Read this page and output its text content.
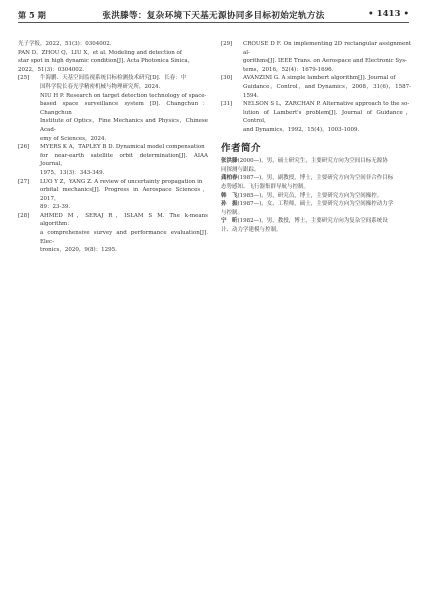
第 5 期	张洪滕等：复杂环境下天基无源协同多目标初始定轨方法	• 1413 •
光子学报，2022，51(3)：0304002.
PAN D，ZHOU Q，LIU X，et al. Modeling and detection of
star spot in high dynamic condition[J]. Acta Photonica Sinica，
2022，51(3)：0304002.
[25] 牛海鹏．天基空间监视系统目标检测技术研究[D]．长春：中
国科学院长春光学精密机械与物理研究所，2024.
NIU H P. Research on target detection technology of space-
based space surveillance system [D]. Changchun：Changchun
Institute of Optics，Fine Mechanics and Physics，Chinese Acad-
emy of Sciences，2024.
[26] MYERS K A，TAPLEY B D. Dynamical model compensation
for near-earth satellite orbit determination[J]. AIAA Journal，
1975，13(3)：343-349.
[27] LUO Y Z，YANG Z. A review of uncertainty propagation in
orbital mechanics[J]. Progress in Aerospace Sciences，2017，
89：23-39.
[28] AHMED M，SERAJ R，ISLAM S M. The k-means algorithm：
a comprehensive survey and performance evaluation[J]. Elec-
tronics，2020，9(8)：1295.
[29] CROUSE D F. On implementing 2D rectangular assignment al-
gorithms[J]. IEEE Trans. on Aerospace and Electronic Sys-
tems，2016，52(4)：1679-1696.
[30] AVANZINI G. A simple lambert algorithm[J]. Journal of
Guidance，Control，and Dynamics，2008，31(6)，1587-1594.
[31] NELSON S L，ZARCHAN P. Alternative approach to the so-
lution of Lambert's problem[J]. Journal of Guidance，Control，
and Dynamics，1992，15(4)，1003-1009.
作者简介
张洪滕(2000—)，男，硕士研究生，主要研究方向为空间目标无源协
同探测与跟踪。
龚柏春(1987—)，男，副教授，博士，主要研究方向为空间非合作目标
态势感知、飞行器集群导航与控制。
韩　飞(1985—)，男，研究员，博士，主要研究方向为空间操控。
孙　振(1987—)，女，工程师，硕士，主要研究方向为空间操控动力学
与控制。
宁　昕(1982—)，男，教授，博士，主要研究方向为复杂空间系统设
计、动力学建模与控制。
